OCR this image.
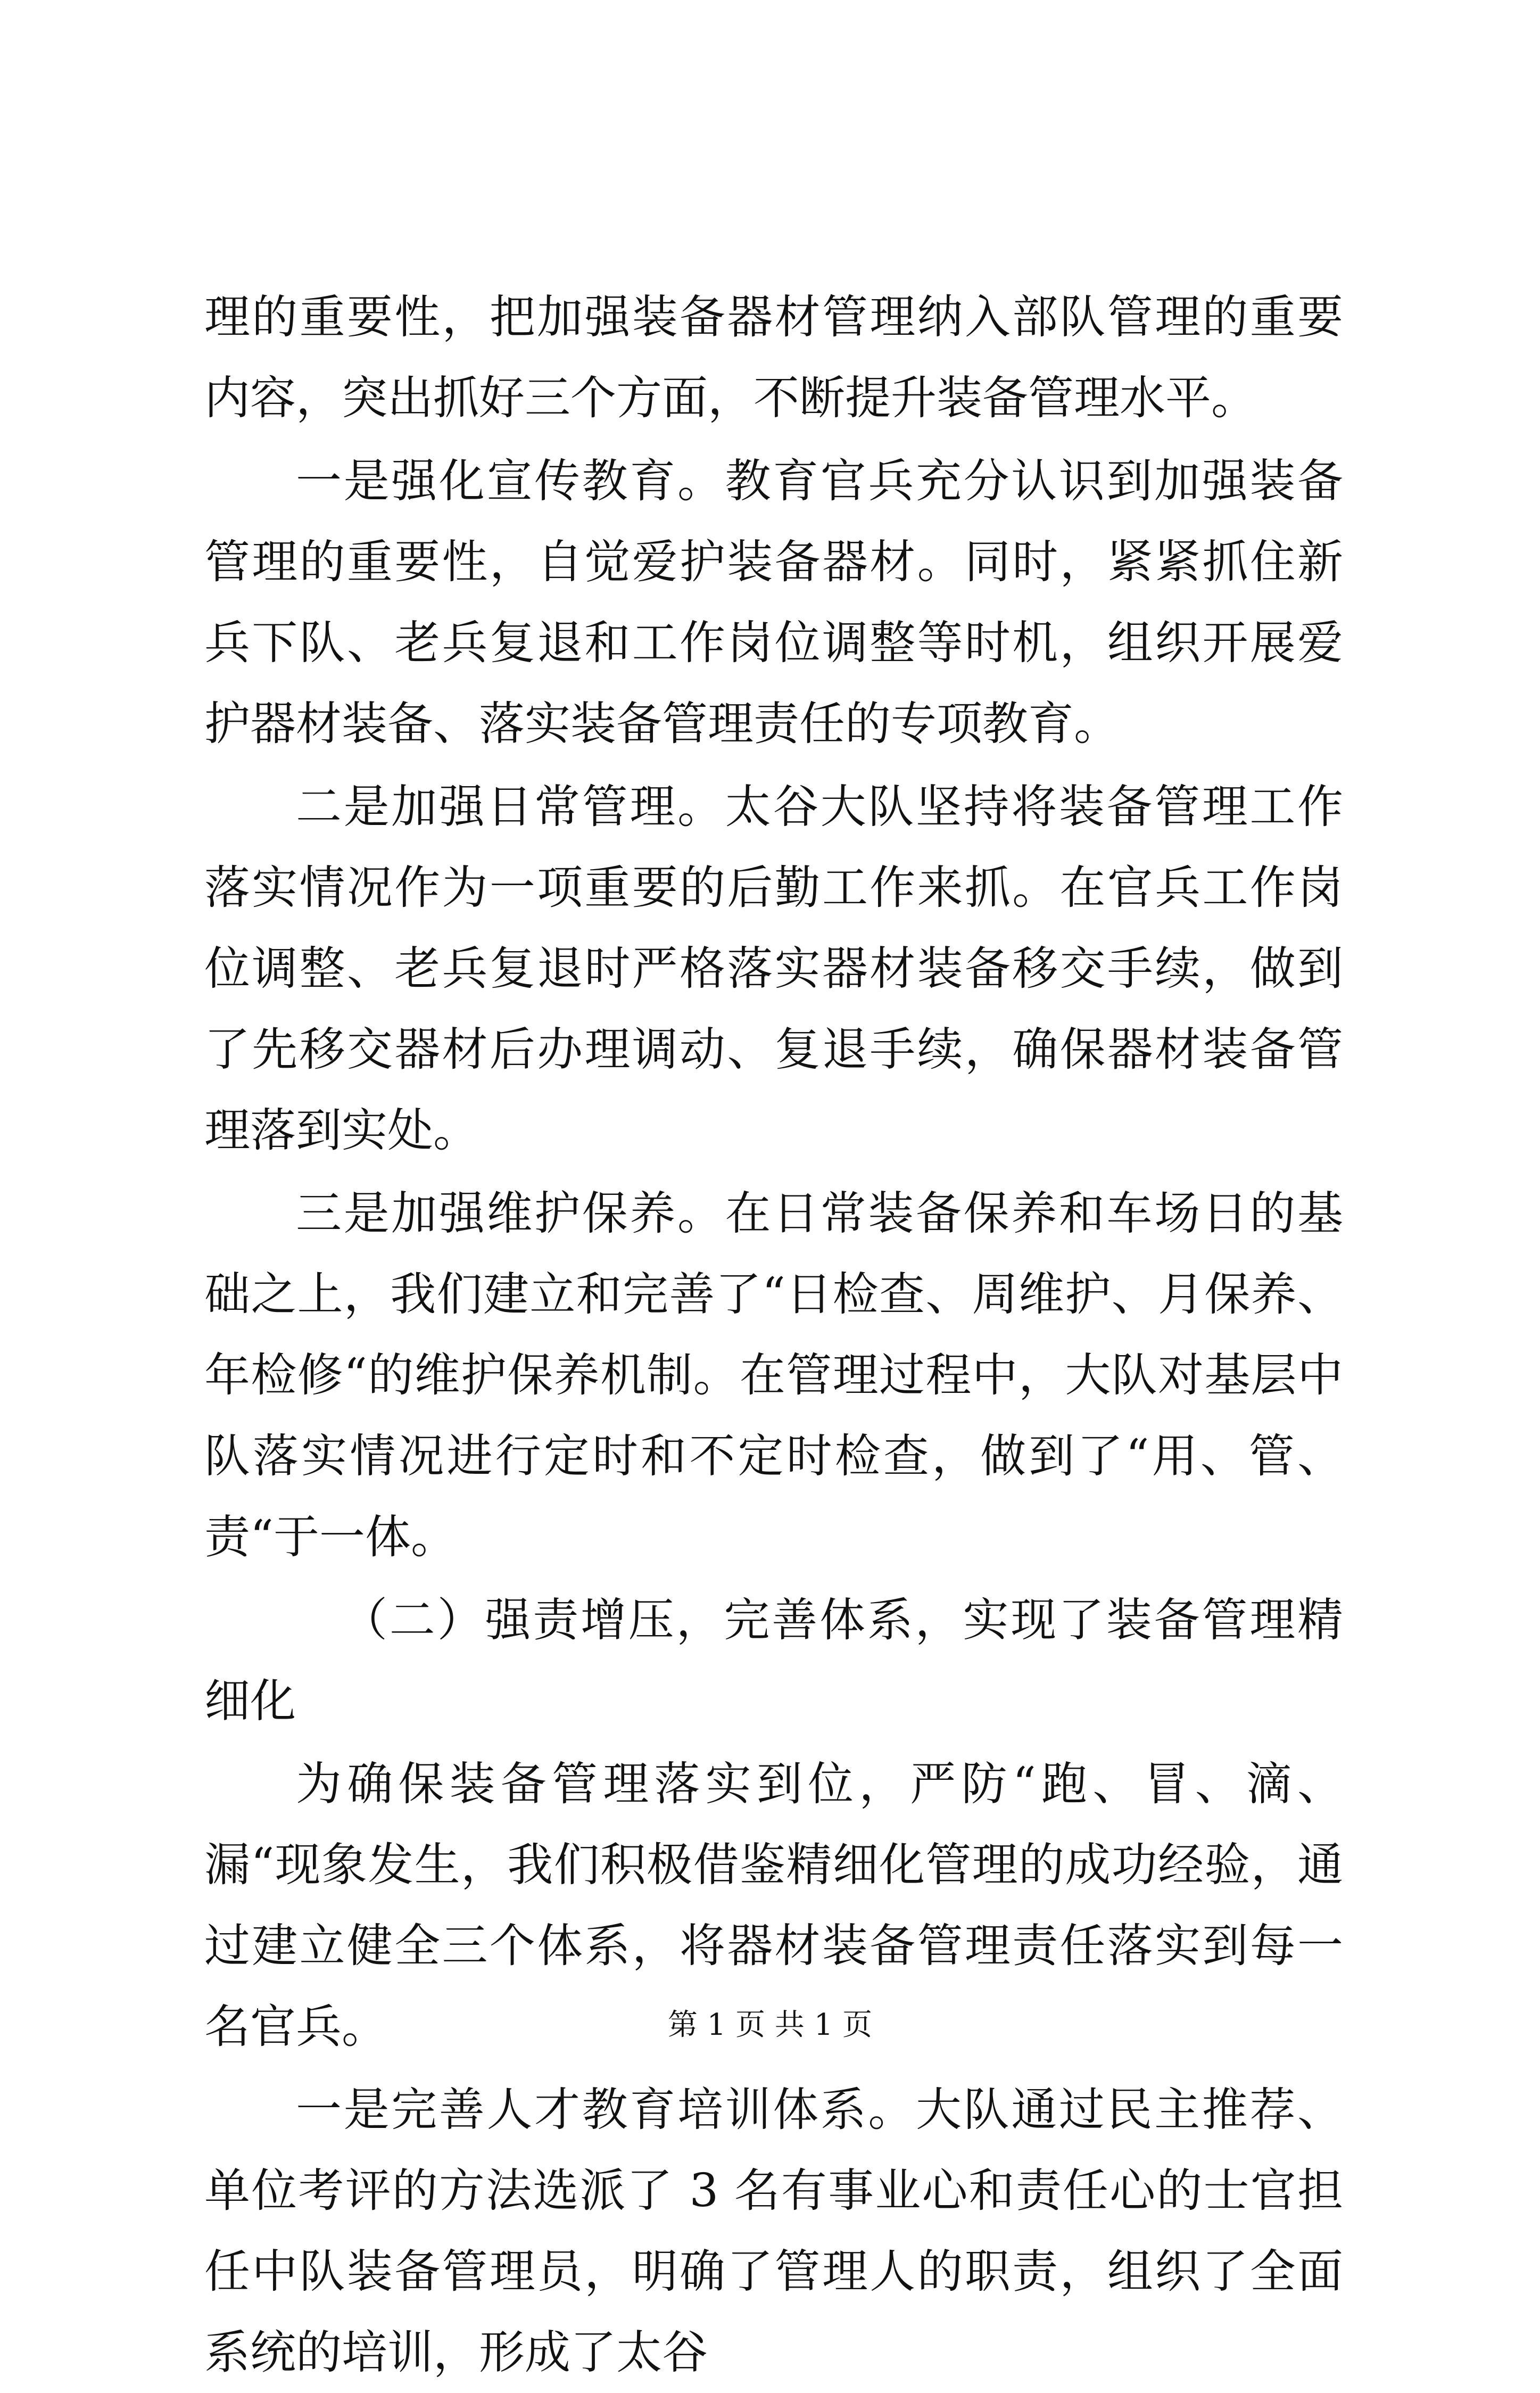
理的重要性，把加强装备器材管理纳入部队管理的重要内容，突出抓好三个方面，不断提升装备管理水平。

一是强化宣传教育。教育官兵充分认识到加强装备管理的重要性，自觉爱护装备器材。同时，紧紧抓住新兵下队、老兵复退和工作岗位调整等时机，组织开展爱护器材装备、落实装备管理责任的专项教育。

二是加强日常管理。太谷大队坚持将装备管理工作落实情况作为一项重要的后勤工作来抓。在官兵工作岗位调整、老兵复退时严格落实器材装备移交手续，做到了先移交器材后办理调动、复退手续，确保器材装备管理落到实处。

三是加强维护保养。在日常装备保养和车场日的基础之上，我们建立和完善了“日检查、周维护、月保养、年检修“的维护保养机制。在管理过程中，大队对基层中队落实情况进行定时和不定时检查，做到了“用、管、责“于一体。

（二）强责增压，完善体系，实现了装备管理精细化

为确保装备管理落实到位，严防“跑、冒、滴、漏“现象发生，我们积极借鉴精细化管理的成功经验，通过建立健全三个体系，将器材装备管理责任落实到每一名官兵。

一是完善人才教育培训体系。大队通过民主推荐、单位考评的方法选派了 3 名有事业心和责任心的士官担任中队装备管理员，明确了管理人的职责，组织了全面系统的培训，形成了太谷

第 1 页 共 1 页
